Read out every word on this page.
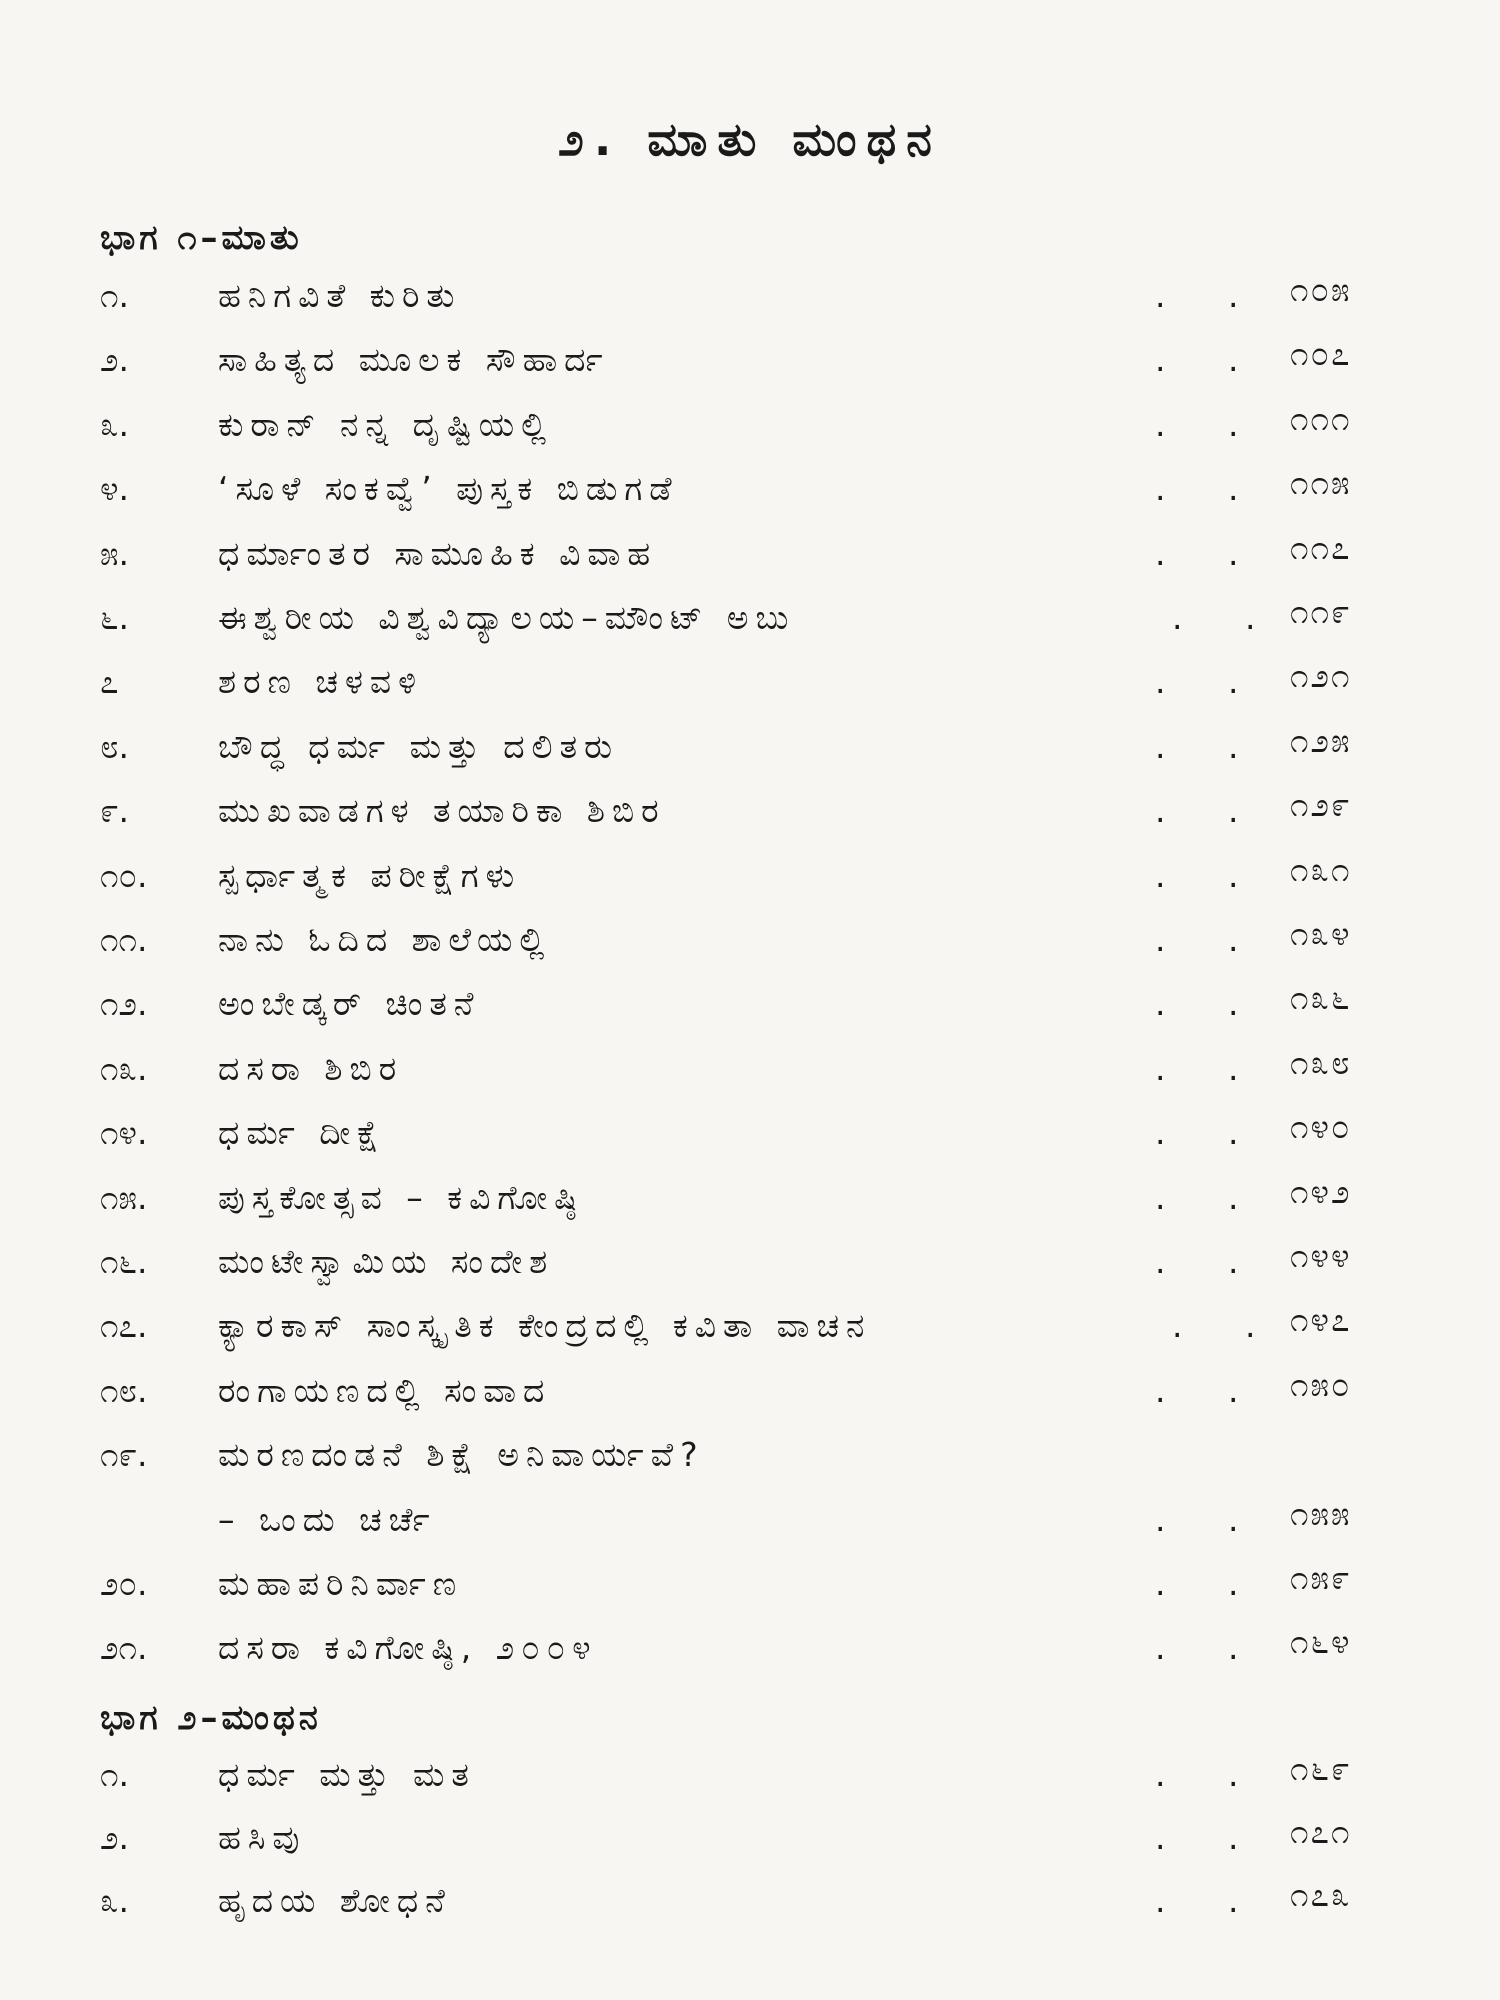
೨. ಮಾತು ಮಂಥನ
ಭಾಗ ೧–ಮಾತು
೧.	ಹನಿಗವಿತೆ ಕುರಿತು	. . ೧೦೫
೨.	ಸಾಹಿತ್ಯದ ಮೂಲಕ ಸೌಹಾರ್ದ	. . ೧೦೭
೩.	ಕುರಾನ್ ನನ್ನ ದೃಷ್ಟಿಯಲ್ಲಿ	. . ೧೧೧
೪.	‘ಸೂಳೆ ಸಂಕವ್ವೆ’ ಪುಸ್ತಕ ಬಿಡುಗಡೆ	. . ೧೧೫
೫.	ಧರ್ಮಾಂತರ ಸಾಮೂಹಿಕ ವಿವಾಹ	. . ೧೧೭
೬.	ಈಶ್ವರೀಯ ವಿಶ್ವವಿದ್ಯಾಲಯ–ಮೌಂಟ್ ಅಬು	. . ೧೧೯
೭	ಶರಣ ಚಳವಳಿ	. . ೧೨೧
೮.	ಬೌದ್ಧ ಧರ್ಮ ಮತ್ತು ದಲಿತರು	. . ೧೨೫
೯.	ಮುಖವಾಡಗಳ ತಯಾರಿಕಾ ಶಿಬಿರ	. . ೧೨೯
೧೦. ಸ್ಪರ್ಧಾತ್ಮಕ ಪರೀಕ್ಷೆಗಳು	. . ೧೩೧
೧೧. ನಾನು ಓದಿದ ಶಾಲೆಯಲ್ಲಿ	. . ೧೩೪
೧೨. ಅಂಬೇಡ್ಕರ್ ಚಿಂತನೆ	. . ೧೩೬
೧೩. ದಸರಾ ಶಿಬಿರ	. . ೧೩೮
೧೪. ಧರ್ಮ ದೀಕ್ಷೆ	. . ೧೪೦
೧೫. ಪುಸ್ತಕೋತ್ಸವ – ಕವಿಗೋಷ್ಠಿ	. . ೧೪೨
೧೬. ಮಂಟೇಸ್ವಾಮಿಯ ಸಂದೇಶ	. . ೧೪೪
೧೭. ಕ್ಯಾರಕಾಸ್ ಸಾಂಸ್ಕೃತಿಕ ಕೇಂದ್ರದಲ್ಲಿ ಕವಿತಾ ವಾಚನ	. . ೧೪೭
೧೮. ರಂಗಾಯಣದಲ್ಲಿ ಸಂವಾದ	. . ೧೫೦
೧೯. ಮರಣದಂಡನೆ ಶಿಕ್ಷೆ ಅನಿವಾರ್ಯವೆ?
– ಒಂದು ಚರ್ಚೆ	. . ೧೫೫
೨೦. ಮಹಾಪರಿನಿರ್ವಾಣ	. . ೧೫೯
೨೧. ದಸರಾ ಕವಿಗೋಷ್ಠಿ, ೨೦೦೪	. . ೧೬೪
ಭಾಗ ೨–ಮಂಥನ
೧.	ಧರ್ಮ ಮತ್ತು ಮತ	. . ೧೬೯
೨.	ಹಸಿವು	. . ೧೭೧
೩.	ಹೃದಯ ಶೋಧನೆ	. . ೧೭೩
